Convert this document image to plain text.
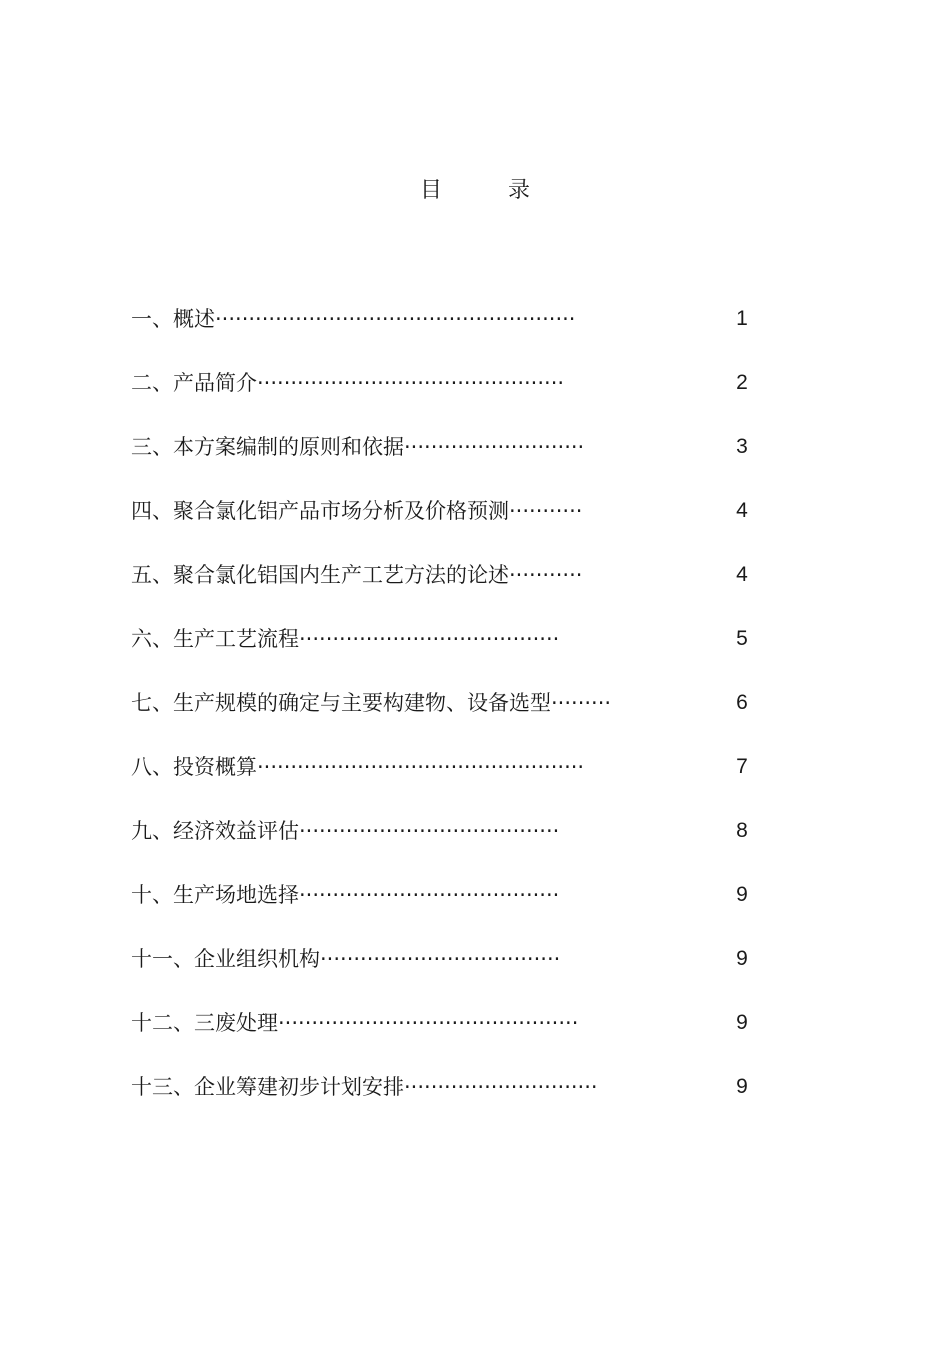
目	录
一、概述······················································	1
二、产品简介··············································	2
三、本方案编制的原则和依据···························	3
四、聚合氯化铝产品市场分析及价格预测···········	4
五、聚合氯化铝国内生产工艺方法的论述···········	4
六、生产工艺流程·······································	5
七、生产规模的确定与主要构建物、设备选型·········	6
八、投资概算·················································	7
九、经济效益评估·······································	8
十、生产场地选择·······································	9
十一、企业组织机构····································	9
十二、三废处理·············································	9
十三、企业筹建初步计划安排·····························	9
